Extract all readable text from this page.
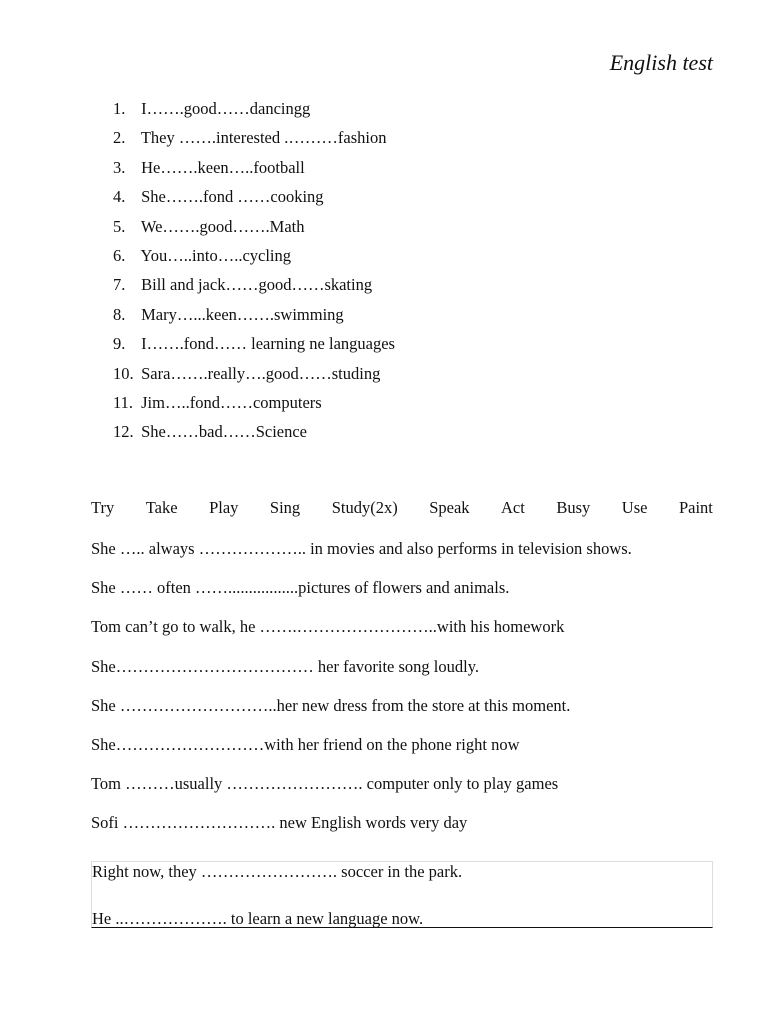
English test
1. I…….good……dancingg
2. They …….interested .………fashion
3. He…….keen…..football
4. She…….fond ……cooking
5. We…….good…….Math
6. You…..into…..cycling
7. Bill and jack……good……skating
8. Mary…...keen…….swimming
9. I…….fond…… learning ne languages
10. Sara…….really….good……studing
11. Jim…..fond……computers
12. She……bad……Science
Try Take Play Sing Study(2x) Speak Act Busy Use Paint
She ….. always ……………….. in movies and also performs in television shows.
She …… often …….................pictures of flowers and animals.
Tom can’t go to walk, he …….……………………..with his homework
She……………………………… her favorite song loudly.
She ………………………..her new dress from the store at this moment.
She………………………with her friend on the phone right now
Tom ………usually ……………………. computer only to play games
Sofi ………………………. new English words very day
Right now, they ……………………. soccer in the park.
He ..………………. to learn a new language now.
